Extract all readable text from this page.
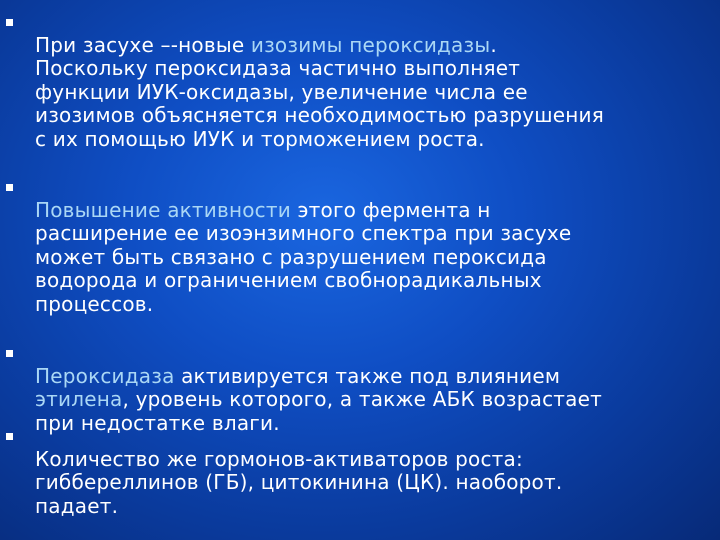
При засухе –-новые изозимы пероксидазы.
Поскольку пероксидаза частично выполняет
функции ИУК-оксидазы, увеличение числа ее
изозимов объясняется необходимостью разрушения
с их помощью ИУК и торможением роста.

Повышение активности этого фермента н
расширение ее изоэнзимного спектра при засухе
может быть связано с разрушением пероксида
водорода и ограничением свобнорадикальных
процессов.

Пероксидаза активируется также под влиянием
этилена, уровень которого, а также АБК возрастает
при недостатке влаги.

Количество же гормонов-активаторов роста:
гиббереллинов (ГБ), цитокинина (ЦК). наоборот.
падает.
